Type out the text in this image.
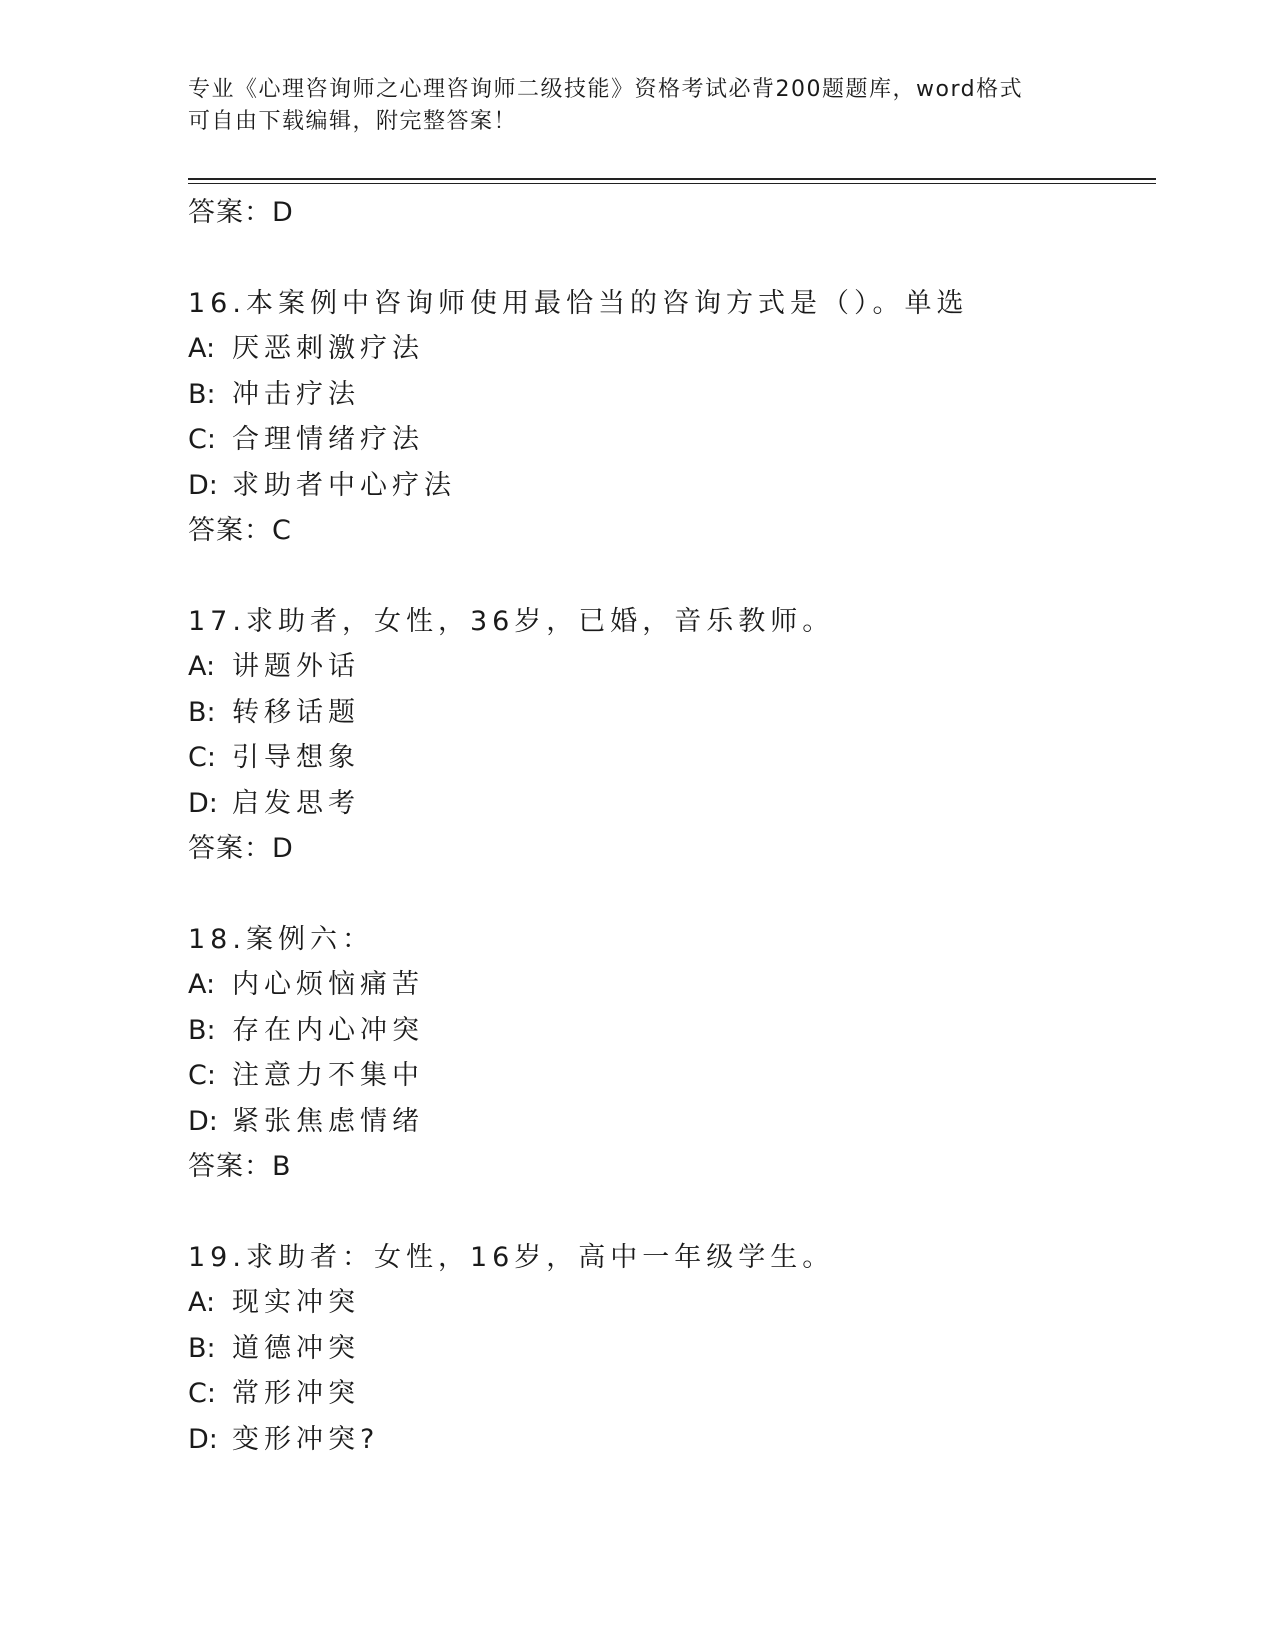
专业《心理咨询师之心理咨询师二级技能》资格考试必背200题题库，word格式
可自由下载编辑，附完整答案！
答案：D
16.本案例中咨询师使用最恰当的咨询方式是（）。单选
A: 厌恶刺激疗法
B: 冲击疗法
C: 合理情绪疗法
D: 求助者中心疗法
答案：C
17.求助者，女性，36岁，已婚，音乐教师。
A: 讲题外话
B: 转移话题
C: 引导想象
D: 启发思考
答案：D
18.案例六：
A: 内心烦恼痛苦
B: 存在内心冲突
C: 注意力不集中
D: 紧张焦虑情绪
答案：B
19.求助者：女性，16岁，高中一年级学生。
A: 现实冲突
B: 道德冲突
C: 常形冲突
D: 变形冲突?
